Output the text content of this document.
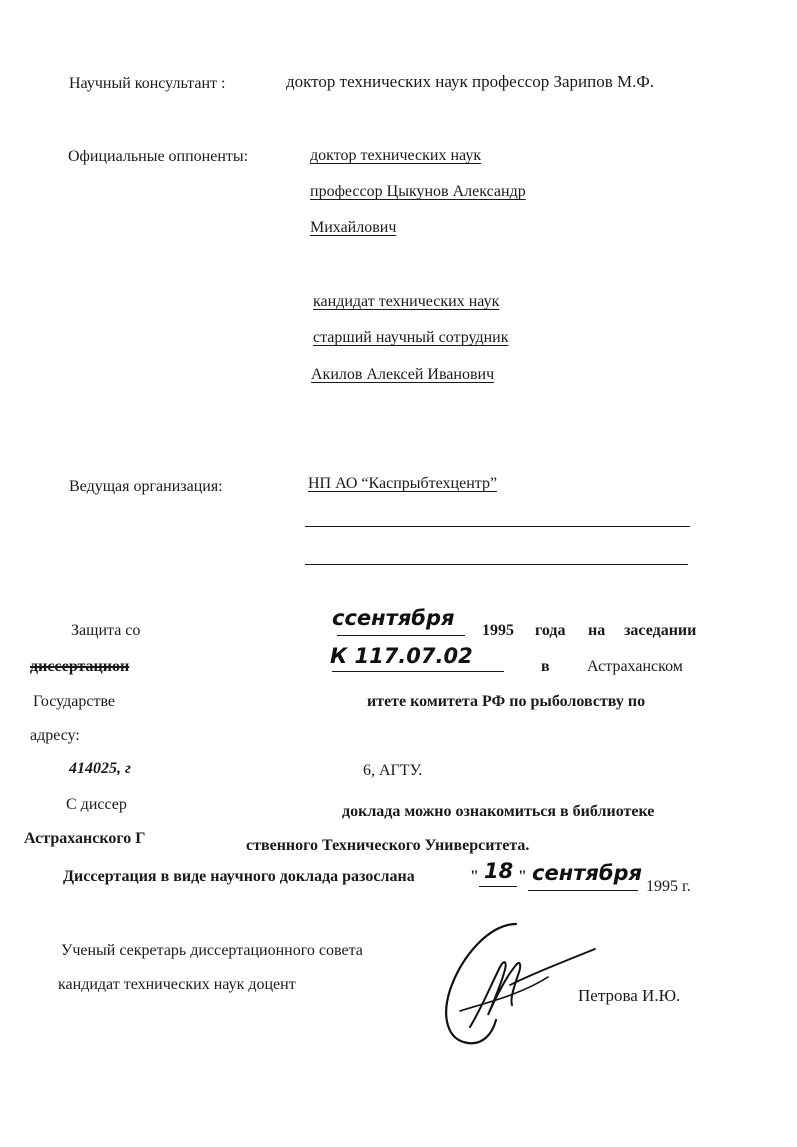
Научный консультант :	доктор технических наук профессор Зарипов М.Ф.
Официальные оппоненты:	доктор технических наук
профессор Цыкунов Александр
Михайлович
кандидат технических наук
старший научный сотрудник
Акилов Алексей Иванович
Ведущая организация:	НП АО “Каспрыбтехцентр”
Защита со
ссентября
1995 года на заседании
диссертацион	К 117.07.02	в Астраханском
Государстве	итете комитета РФ по рыболовству по
адресу:
414025, г	6, АГТУ.
С диссер	доклада можно ознакомиться в библиотеке
Астраханского Г	ственного Технического Университета.
Диссертация в виде научного доклада разослана	" 18 " сентября
1995 г.
Ученый секретарь диссертационного совета
кандидат технических наук доцент
Петрова И.Ю.
